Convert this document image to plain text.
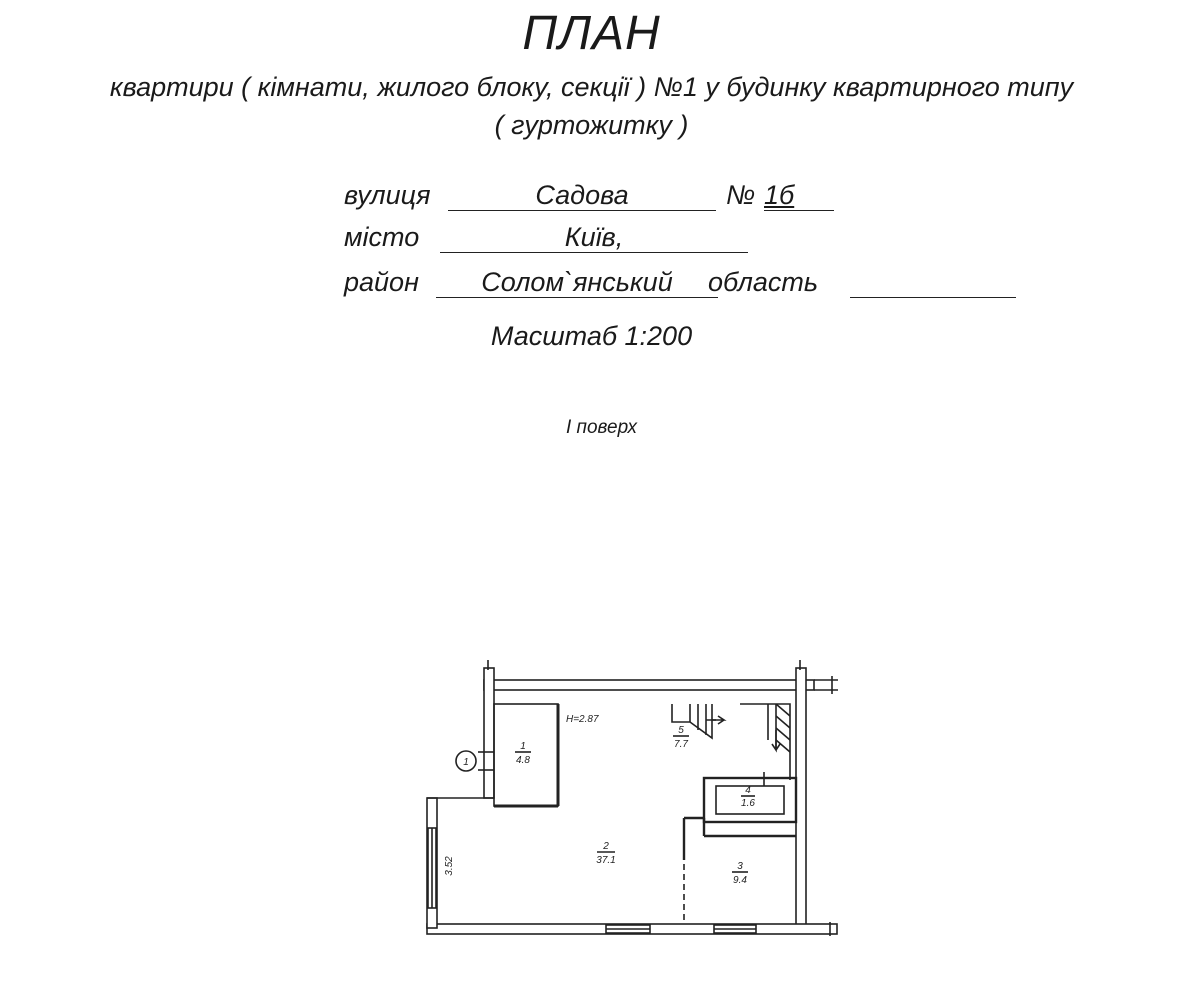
ПЛАН
квартири ( кімнати, жилого блоку, секції ) №1 у будинку квартирного типу
( гуртожитку )
вулиця	Садова	№ 1б
місто	Київ,
район	Солом`янський	область
Масштаб 1:200
I поверх
H=2.87
1
3.52
1
4.8
2
37.1
3
9.4
4
1.6
5
7.7
